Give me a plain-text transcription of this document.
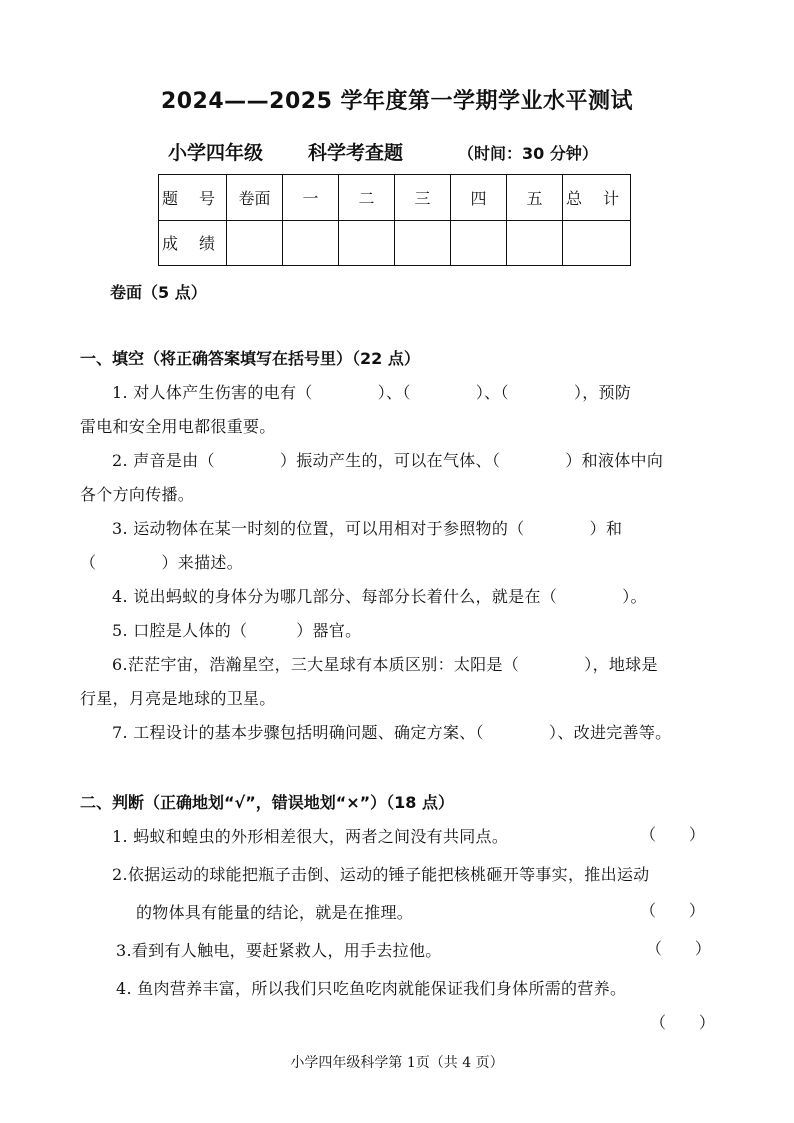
2024——2025 学年度第一学期学业水平测试
小学四年级 科学考查题	（时间：30 分钟）
题 号	卷面	一	二	三	四	五	总 计
成 绩							
卷面（5 点）
一、填空（将正确答案填写在括号里）（22 点）
1. 对人体产生伤害的电有（　　　　）、（　　　　）、（　　　　），预防
雷电和安全用电都很重要。
2. 声音是由（　　　　）振动产生的，可以在气体、（　　　　）和液体中向
各个方向传播。
3. 运动物体在某一时刻的位置，可以用相对于参照物的（　　　　）和
（　　　　）来描述。
4. 说出蚂蚁的身体分为哪几部分、每部分长着什么，就是在（　　　　）。
5. 口腔是人体的（　　　）器官。
6.茫茫宇宙，浩瀚星空，三大星球有本质区别：太阳是（　　　　），地球是
行星，月亮是地球的卫星。
7. 工程设计的基本步骤包括明确问题、确定方案、（　　　　）、改进完善等。
二、判断（正确地划“√”，错误地划“×”）（18 点）
1. 蚂蚁和蝗虫的外形相差很大，两者之间没有共同点。	（　　）
2.依据运动的球能把瓶子击倒、运动的锤子能把核桃砸开等事实，推出运动
的物体具有能量的结论，就是在推理。	（　　）
3.看到有人触电，要赶紧救人，用手去拉他。	（　　）
4. 鱼肉营养丰富，所以我们只吃鱼吃肉就能保证我们身体所需的营养。
（　　）
小学四年级科学第 1页（共 4 页）
